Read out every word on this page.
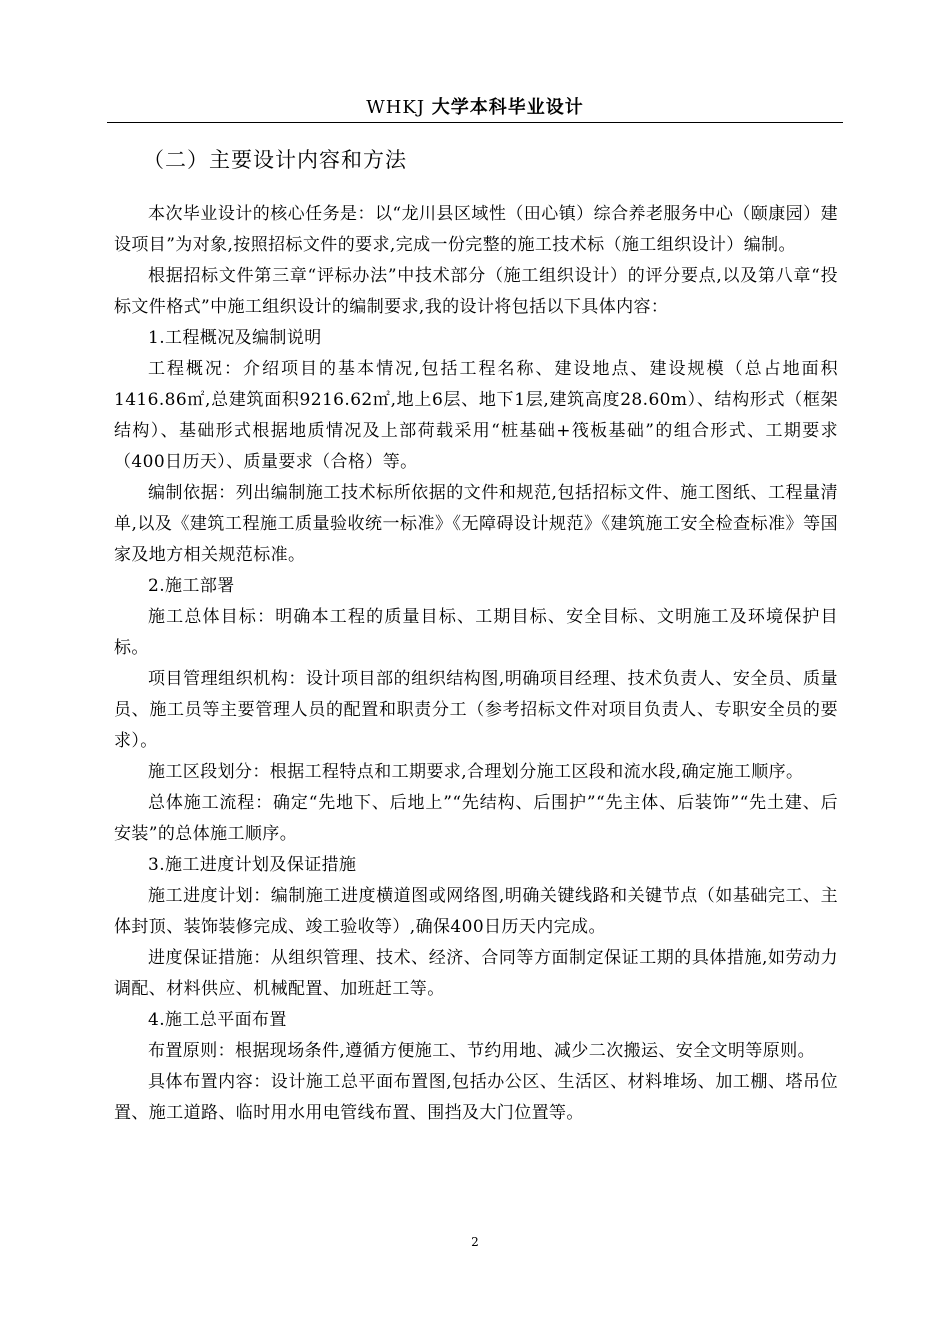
WHKJ 大学本科毕业设计
（二）主要设计内容和方法

本次毕业设计的核心任务是：以“龙川县区域性（田心镇）综合养老服务中心（颐康园）建设项目”为对象,按照招标文件的要求,完成一份完整的施工技术标（施工组织设计）编制。

根据招标文件第三章“评标办法”中技术部分（施工组织设计）的评分要点,以及第八章“投标文件格式”中施工组织设计的编制要求,我的设计将包括以下具体内容：

1.工程概况及编制说明

工程概况：介绍项目的基本情况,包括工程名称、建设地点、建设规模（总占地面积1416.86㎡,总建筑面积9216.62㎡,地上6层、地下1层,建筑高度28.60m）、结构形式（框架结构）、基础形式根据地质情况及上部荷载采用“桩基础+筏板基础”的组合形式、工期要求（400日历天）、质量要求（合格）等。

编制依据：列出编制施工技术标所依据的文件和规范,包括招标文件、施工图纸、工程量清单,以及《建筑工程施工质量验收统一标准》《无障碍设计规范》《建筑施工安全检查标准》等国家及地方相关规范标准。

2.施工部署

施工总体目标：明确本工程的质量目标、工期目标、安全目标、文明施工及环境保护目标。

项目管理组织机构：设计项目部的组织结构图,明确项目经理、技术负责人、安全员、质量员、施工员等主要管理人员的配置和职责分工（参考招标文件对项目负责人、专职安全员的要求）。

施工区段划分：根据工程特点和工期要求,合理划分施工区段和流水段,确定施工顺序。

总体施工流程：确定“先地下、后地上”“先结构、后围护”“先主体、后装饰”“先土建、后安装”的总体施工顺序。

3.施工进度计划及保证措施

施工进度计划：编制施工进度横道图或网络图,明确关键线路和关键节点（如基础完工、主体封顶、装饰装修完成、竣工验收等）,确保400日历天内完成。

进度保证措施：从组织管理、技术、经济、合同等方面制定保证工期的具体措施,如劳动力调配、材料供应、机械配置、加班赶工等。

4.施工总平面布置

布置原则：根据现场条件,遵循方便施工、节约用地、减少二次搬运、安全文明等原则。

具体布置内容：设计施工总平面布置图,包括办公区、生活区、材料堆场、加工棚、塔吊位置、施工道路、临时用水用电管线布置、围挡及大门位置等。

2
